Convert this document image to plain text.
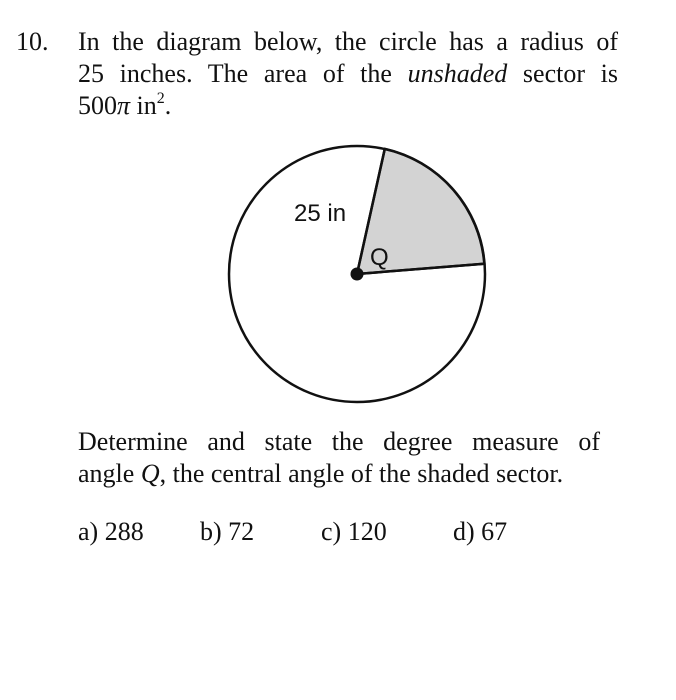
10. In the diagram below, the circle has a radius of
25 inches. The area of the unshaded sector is
500π $in^2$.
25 in
Q
Determine and state the degree measure of
angle Q, the central angle of the shaded sector.
a) 288 b) 72	c) 120	d) 67
